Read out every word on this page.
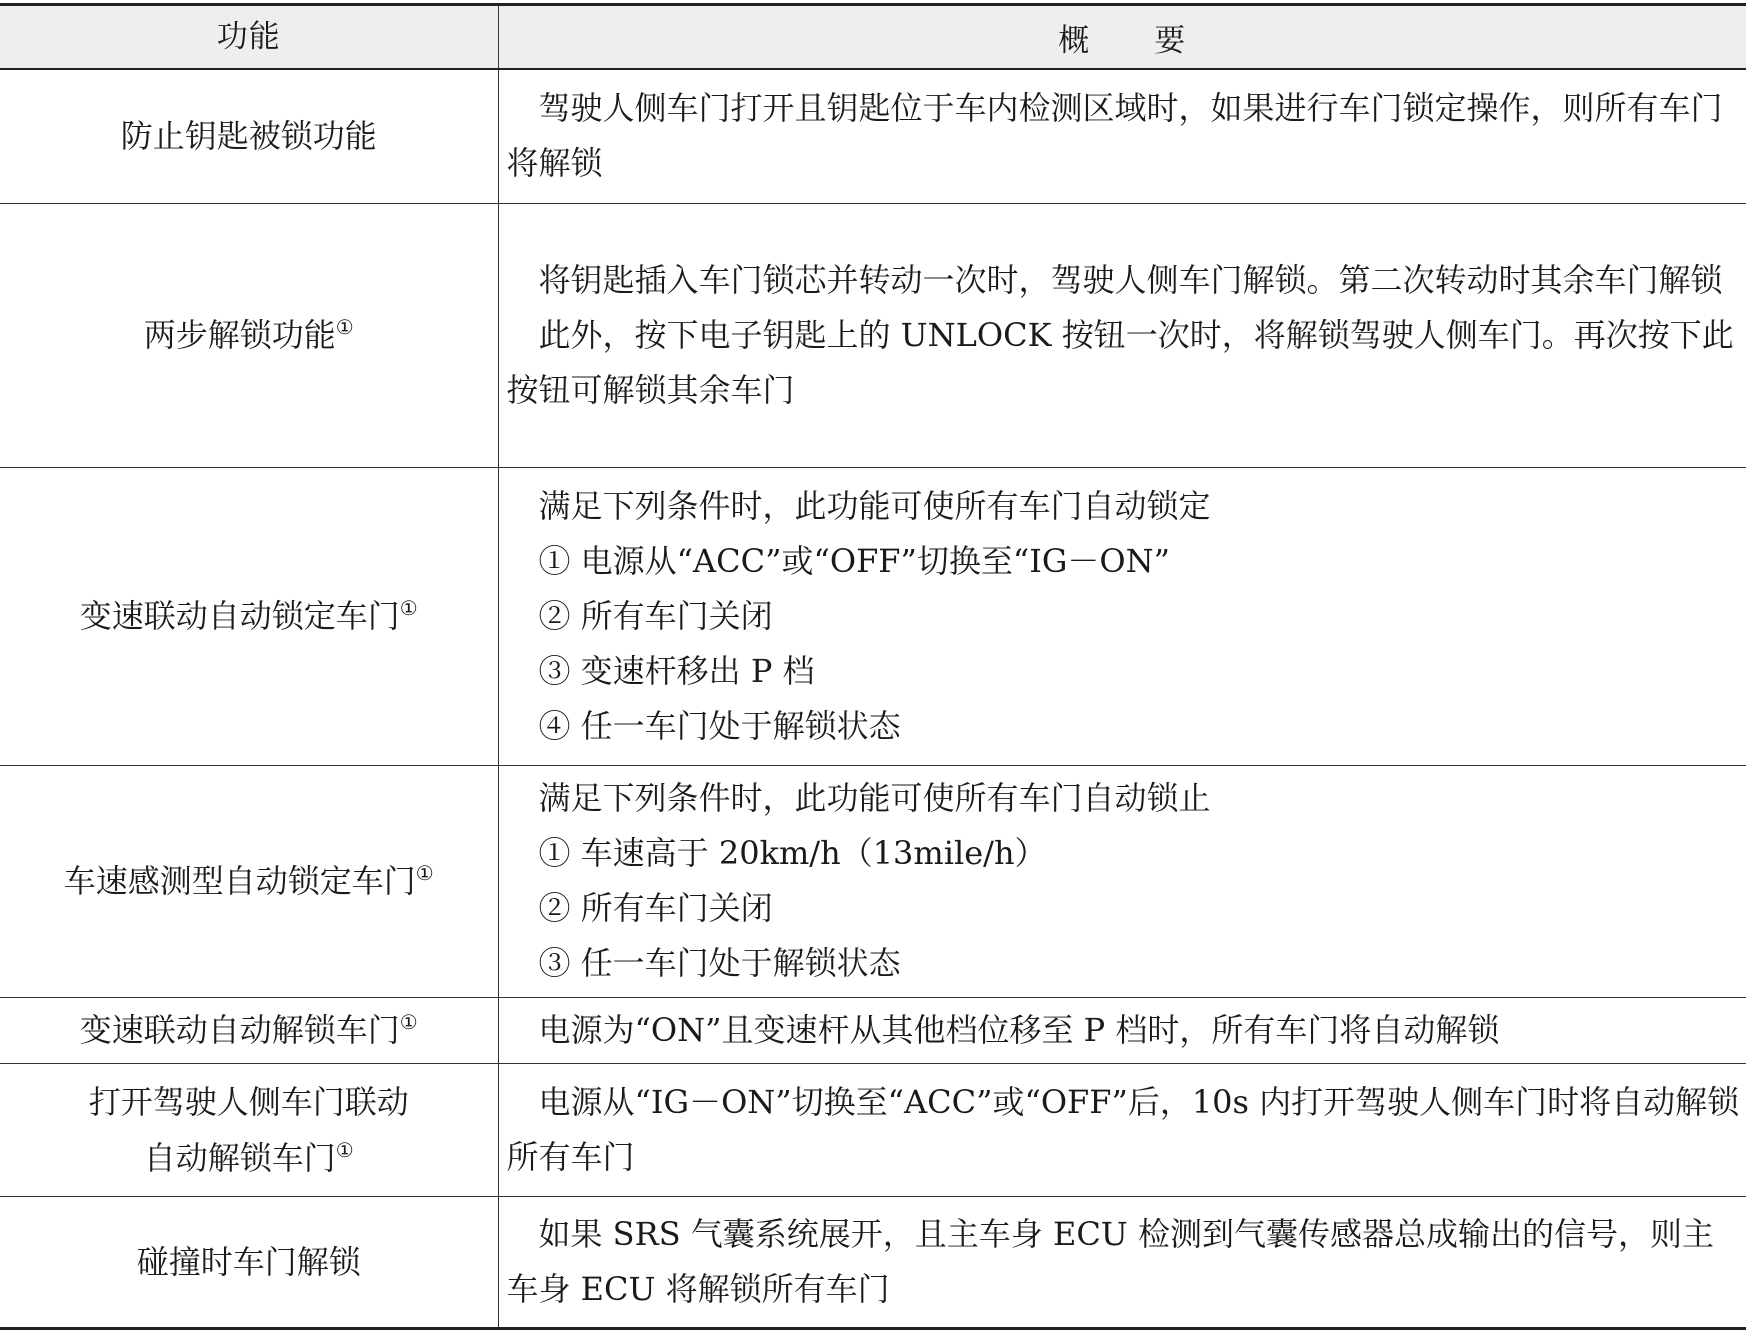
功能	概　　要
防止钥匙被锁功能	驾驶人侧车门打开且钥匙位于车内检测区域时，如果进行车门锁定操作，则所有车门将解锁

两步解锁功能①	将钥匙插入车门锁芯并转动一次时，驾驶人侧车门解锁。第二次转动时其余车门解锁
此外，按下电子钥匙上的 UNLOCK 按钮一次时，将解锁驾驶人侧车门。再次按下此按钮可解锁其余车门

变速联动自动锁定车门①	满足下列条件时，此功能可使所有车门自动锁定
① 电源从“ACC”或“OFF”切换至“IG－ON”
② 所有车门关闭
③ 变速杆移出 P 档
④ 任一车门处于解锁状态

车速感测型自动锁定车门①	满足下列条件时，此功能可使所有车门自动锁止
① 车速高于 20km/h（13mile/h）
② 所有车门关闭
③ 任一车门处于解锁状态

变速联动自动解锁车门①	电源为“ON”且变速杆从其他档位移至 P 档时，所有车门将自动解锁

打开驾驶人侧车门联动
自动解锁车门①	电源从“IG－ON”切换至“ACC”或“OFF”后，10s 内打开驾驶人侧车门时将自动解锁所有车门

碰撞时车门解锁	如果 SRS 气囊系统展开，且主车身 ECU 检测到气囊传感器总成输出的信号，则主车身 ECU 将解锁所有车门
